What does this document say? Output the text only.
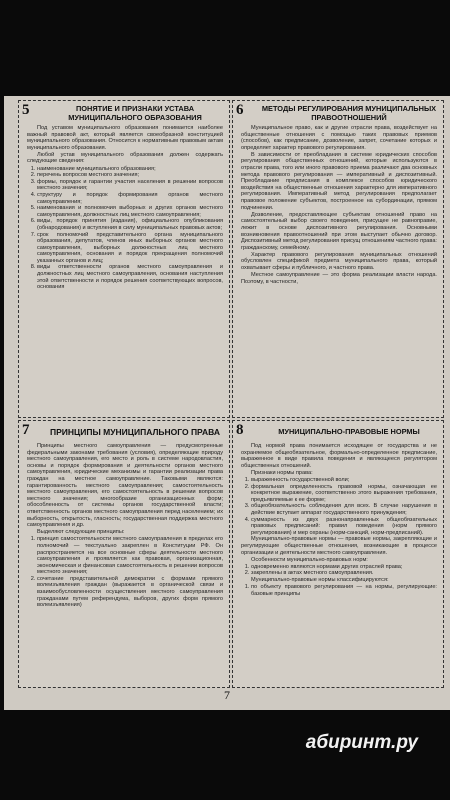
5	ПОНЯТИЕ И ПРИЗНАКИ УСТАВА МУНИЦИПАЛЬНОГО ОБРАЗОВАНИЯ

Под уставом муниципального образования понимается наиболее важный правовой акт, который является своеобразной конституцией муниципального образования. Относится к нормативным правовым актам муниципального образования.

Любой устав муниципального образования должен содержать следующие сведения:

1. наименование муниципального образования;
2. перечень вопросов местного значения;
3. формы, порядок и гарантии участия населения в решении вопросов местного значения;
4. структуру и порядок формирования органов местного самоуправления;
5. наименования и полномочия выборных и других органов местного самоуправления, должностных лиц местного самоуправления;
6. виды, порядок принятия (издания), официального опубликования (обнародования) и вступления в силу муниципальных правовых актов;
7. срок полномочий представительного органа муниципального образования, депутатов, членов иных выборных органов местного самоуправления, выборных должностных лиц местного самоуправления, основания и порядок прекращения полномочий указанных органов и лиц;
8. виды ответственности органов местного самоуправления и должностных лиц местного самоуправления, основания наступления этой ответственности и порядок решения соответствующих вопросов, основания
6 МЕТОДЫ РЕГУЛИРОВАНИЯ МУНИЦИПАЛЬНЫХ ПРАВООТНОШЕНИЙ

Муниципальное право, как и другие отрасли права, воздействует на общественные отношения с помощью таких правовых приемов (способов), как предписание, дозволение, запрет, сочетание которых и определяет характер правового регулирования.

В зависимости от преобладания в системе юридических способов регулирования общественных отношений, которые используются в отрасли права, того или иного правового приема различают два основных метода правового регулирования — императивный и диспозитивный. Преобладание предписания в комплексе способов юридического воздействия на общественные отношения характерно для императивного регулирования. Императивный метод регулирования предполагает правовое положение субъектов, построенное на субординации, прямом подчинении.

Дозволение, предоставляющее субъектам отношений право на самостоятельный выбор своего поведения, присущее не равноправие, лежит в основе диспозитивного регулирования. Основными возникновения правоотношений при этом выступает обычно договор. Диспозитивный метод регулирования присущ отношениям частного права: гражданскому, семейному.

Характер правового регулирования муниципальных отношений обусловлен спецификой предмета муниципального права, который охватывает сферы и публичного, и частного права.

Местное самоуправление — это форма реализации власти народа. Поэтому, в частности,

7	ПРИНЦИПЫ МУНИЦИПАЛЬНОГО ПРАВА

Принципы местного самоуправления — предусмотренные федеральными законами требования (условия), определяющие природу местного самоуправления, его место и роль в системе народовластия, основы и порядок формирования и деятельности органов местного самоуправления, юридические механизмы и гарантии реализации права граждан на местное самоуправление. Таковыми являются: гарантированность местного самоуправления; самостоятельность местного самоуправления, его самостоятельность в решении вопросов местного значения; многообразие организационных форм; обособленность от системы органов государственной власти; ответственность органов местного самоуправления перед населением; их выборность, открытость, гласность; государственная поддержка местного самоуправления и др.

Выделяют следующие принципы:

1. принцип самостоятельности местного самоуправления в пределах его полномочий — текстуально закреплен в Конституции РФ. Он распространяется на все основные сферы деятельности местного самоуправления и проявляется как правовая, организационная, экономическая и финансовая самостоятельность в решении вопросов местного значения;
2. сочетание представительной демократии с формами прямого волеизъявления граждан (выражается в органической связи и взаимообусловленности осуществления местного самоуправления гражданами путем референдума, выборов, других форм прямого волеизъявления)
8	МУНИЦИПАЛЬНО-ПРАВОВЫЕ НОРМЫ

Под нормой права понимается исходящее от государства и не охраняемое общеобязательное, формально-определенное предписание, выраженное в виде правила поведения и являющееся регулятором общественных отношений.

Признаки нормы права:

1. выраженность государственной воли;
2. формальная определенность правовой нормы, означающая ее конкретное выражение, соответственно этого выражения требования, предъявляемые к ее форме;
3. общеобязательность соблюдения для всех. В случае нарушения в действие вступает аппарат государственного принуждения;
4. суммарность из двух разнонаправленных общеобязательных правовых предписаний: правил поведения (норм прямого регулирования) и мер охраны (норм-санкций, норм-предписаний).

Муниципально-правовые нормы — правовые нормы, закрепляющие и регулирующие общественные отношения, возникающие в процессе организации и деятельности местного самоуправления.

Особенности муниципально-правовых норм:

1. одновременно являются нормами других отраслей права;
2. закреплены в актах местного самоуправления.

Муниципально-правовые нормы классифицируются:

1. по объекту правового регулирования — на нормы, регулирующие: базовые принципы
7
абиринт.ру
